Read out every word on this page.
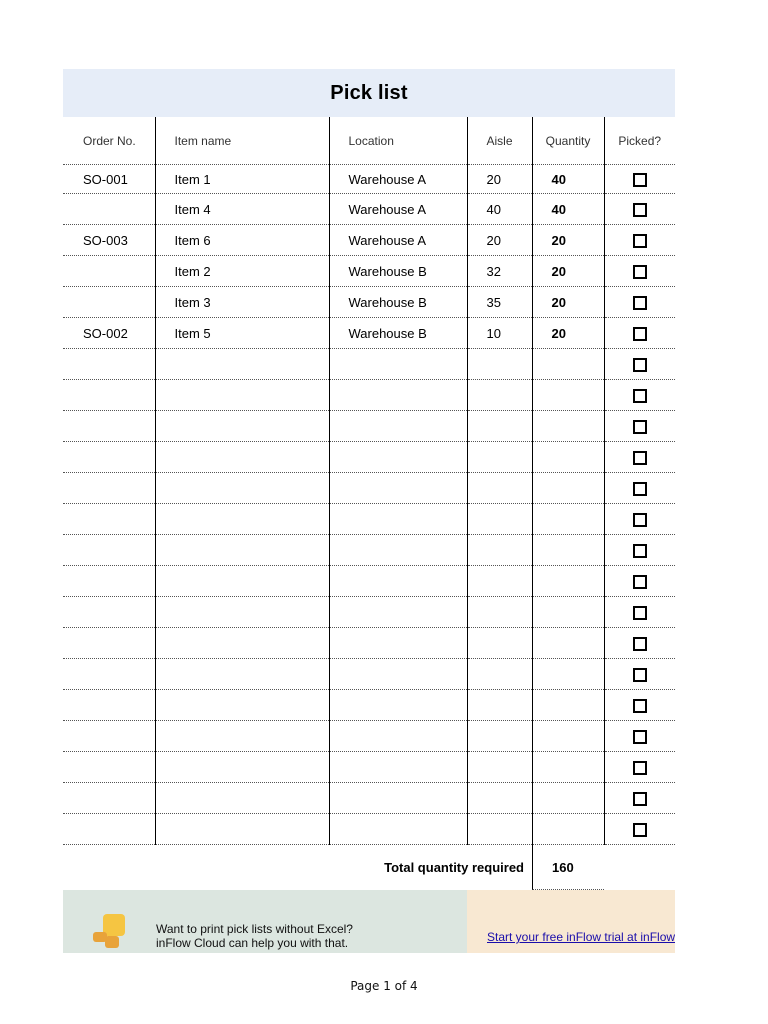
Pick list
Order No.	Item name	Location	Aisle	Quantity	Picked?
SO-001	Item 1	Warehouse A	20	40	
	Item 4	Warehouse A	40	40	
SO-003	Item 6	Warehouse A	20	20	
	Item 2	Warehouse B	32	20	
	Item 3	Warehouse B	35	20	
SO-002	Item 5	Warehouse B	10	20	

Total quantity required	160
Want to print pick lists without Excel?
inFlow Cloud can help you with that.	Start your free inFlow trial at inFlow
Page 1 of 4
